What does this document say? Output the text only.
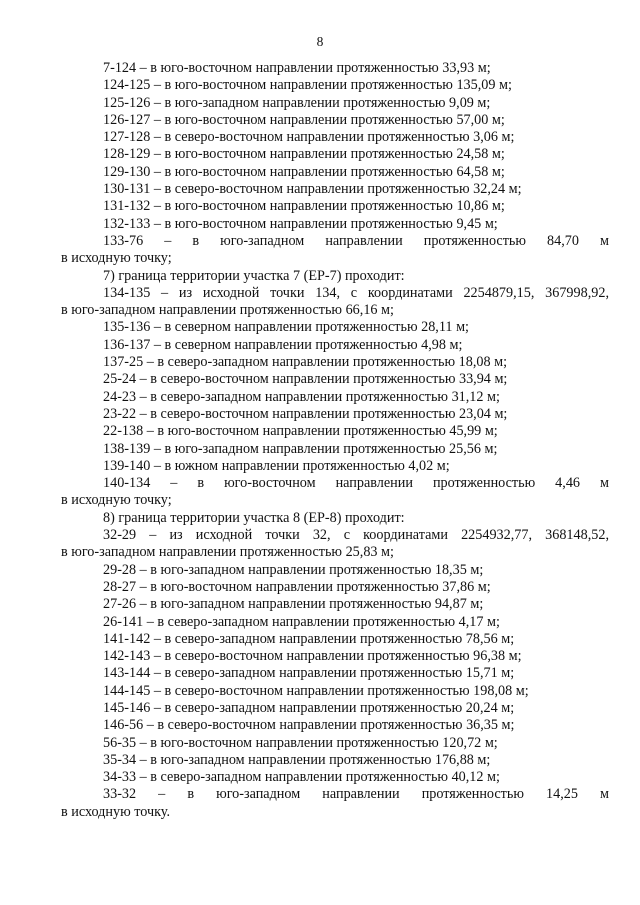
8

7-124 – в юго-восточном направлении протяженностью 33,93 м;

124-125 – в юго-восточном направлении протяженностью 135,09 м;

125-126 – в юго-западном направлении протяженностью 9,09 м;

126-127 – в юго-восточном направлении протяженностью 57,00 м;

127-128 – в северо-восточном направлении протяженностью 3,06 м;

128-129 – в юго-восточном направлении протяженностью 24,58 м;

129-130 – в юго-восточном направлении протяженностью 64,58 м;

130-131 – в северо-восточном направлении протяженностью 32,24 м;

131-132 – в юго-восточном направлении протяженностью 10,86 м;

132-133 – в юго-восточном направлении протяженностью 9,45 м;

133-76 – в юго-западном направлении протяженностью 84,70 м

в исходную точку;

7) граница территории участка 7 (ЕР-7) проходит:

134-135 – из исходной точки 134, с координатами 2254879,15, 367998,92,

в юго-западном направлении протяженностью 66,16 м;

135-136 – в северном направлении протяженностью 28,11 м;

136-137 – в северном направлении протяженностью 4,98 м;

137-25 – в северо-западном направлении протяженностью 18,08 м;

25-24 – в северо-восточном направлении протяженностью 33,94 м;

24-23 – в северо-западном направлении протяженностью 31,12 м;

23-22 – в северо-восточном направлении протяженностью 23,04 м;

22-138 – в юго-восточном направлении протяженностью 45,99 м;

138-139 – в юго-западном направлении протяженностью 25,56 м;

139-140 – в южном направлении протяженностью 4,02 м;

140-134 – в юго-восточном направлении протяженностью 4,46 м

в исходную точку;

8) граница территории участка 8 (ЕР-8) проходит:

32-29 – из исходной точки 32, с координатами 2254932,77, 368148,52,

в юго-западном направлении протяженностью 25,83 м;

29-28 – в юго-западном направлении протяженностью 18,35 м;

28-27 – в юго-восточном направлении протяженностью 37,86 м;

27-26 – в юго-западном направлении протяженностью 94,87 м;

26-141 – в северо-западном направлении протяженностью 4,17 м;

141-142 – в северо-западном направлении протяженностью 78,56 м;

142-143 – в северо-восточном направлении протяженностью 96,38 м;

143-144 – в северо-западном направлении протяженностью 15,71 м;

144-145 – в северо-восточном направлении протяженностью 198,08 м;

145-146 – в северо-западном направлении протяженностью 20,24 м;

146-56 – в северо-восточном направлении протяженностью 36,35 м;

56-35 – в юго-восточном направлении протяженностью 120,72 м;

35-34 – в юго-западном направлении протяженностью 176,88 м;

34-33 – в северо-западном направлении протяженностью 40,12 м;

33-32 – в юго-западном направлении протяженностью 14,25 м

в исходную точку.
